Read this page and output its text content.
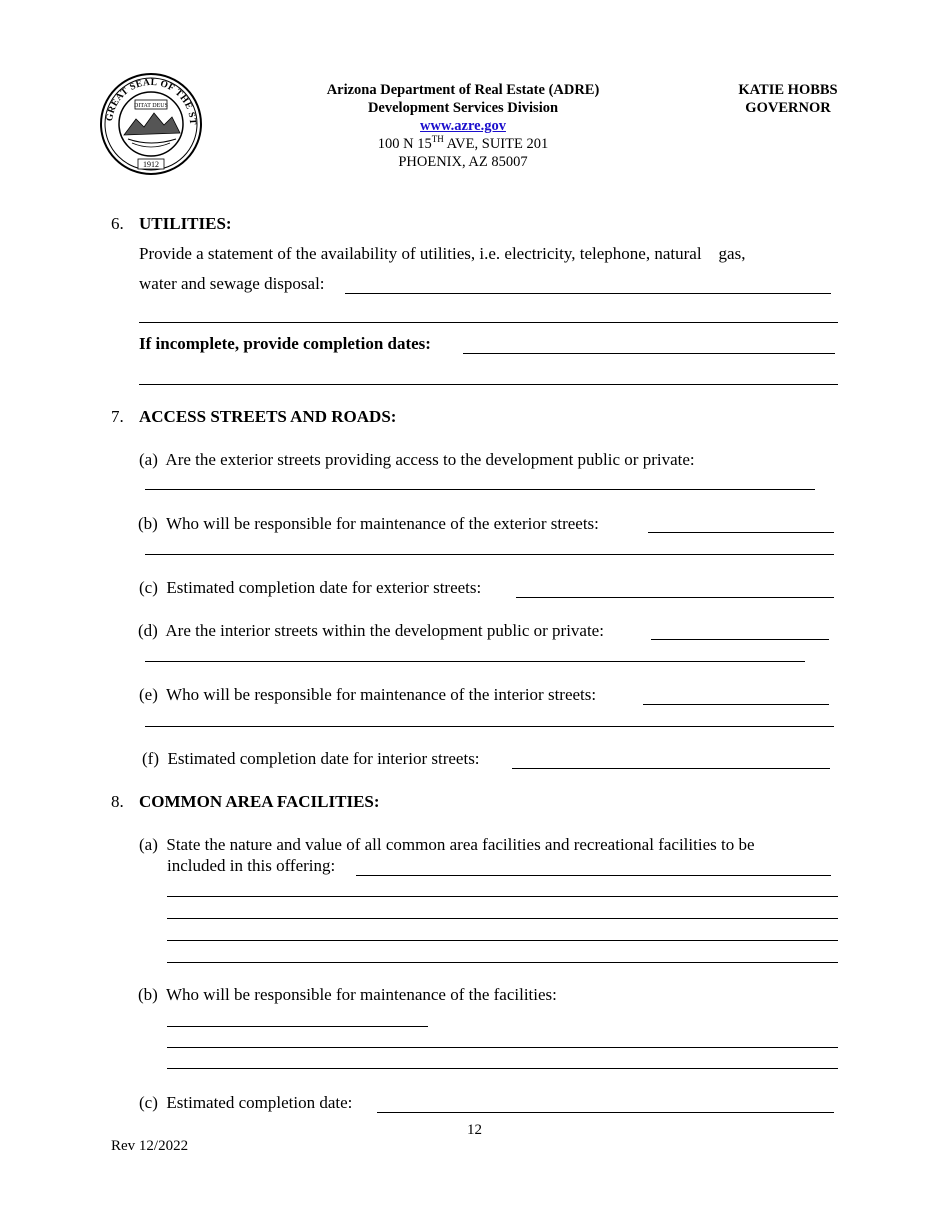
GREAT SEAL OF THE ST
DITAT DEUS
1912
Arizona Department of Real Estate (ADRE)
Development Services Division
www.azre.gov
100 N 15TH AVE, SUITE 201
PHOENIX, AZ 85007
KATIE HOBBS
GOVERNOR
6. UTILITIES:
Provide a statement of the availability of utilities, i.e. electricity, telephone, natural    gas,
water and sewage disposal:
If incomplete, provide completion dates:
7. ACCESS STREETS AND ROADS:
(a)  Are the exterior streets providing access to the development public or private:
(b)  Who will be responsible for maintenance of the exterior streets:
(c)  Estimated completion date for exterior streets:
(d)  Are the interior streets within the development public or private:
(e)  Who will be responsible for maintenance of the interior streets:
(f)  Estimated completion date for interior streets:
8. COMMON AREA FACILITIES:
(a)  State the nature and value of all common area facilities and recreational facilities to be
included in this offering:
(b)  Who will be responsible for maintenance of the facilities:
(c)  Estimated completion date:
12
Rev 12/2022
